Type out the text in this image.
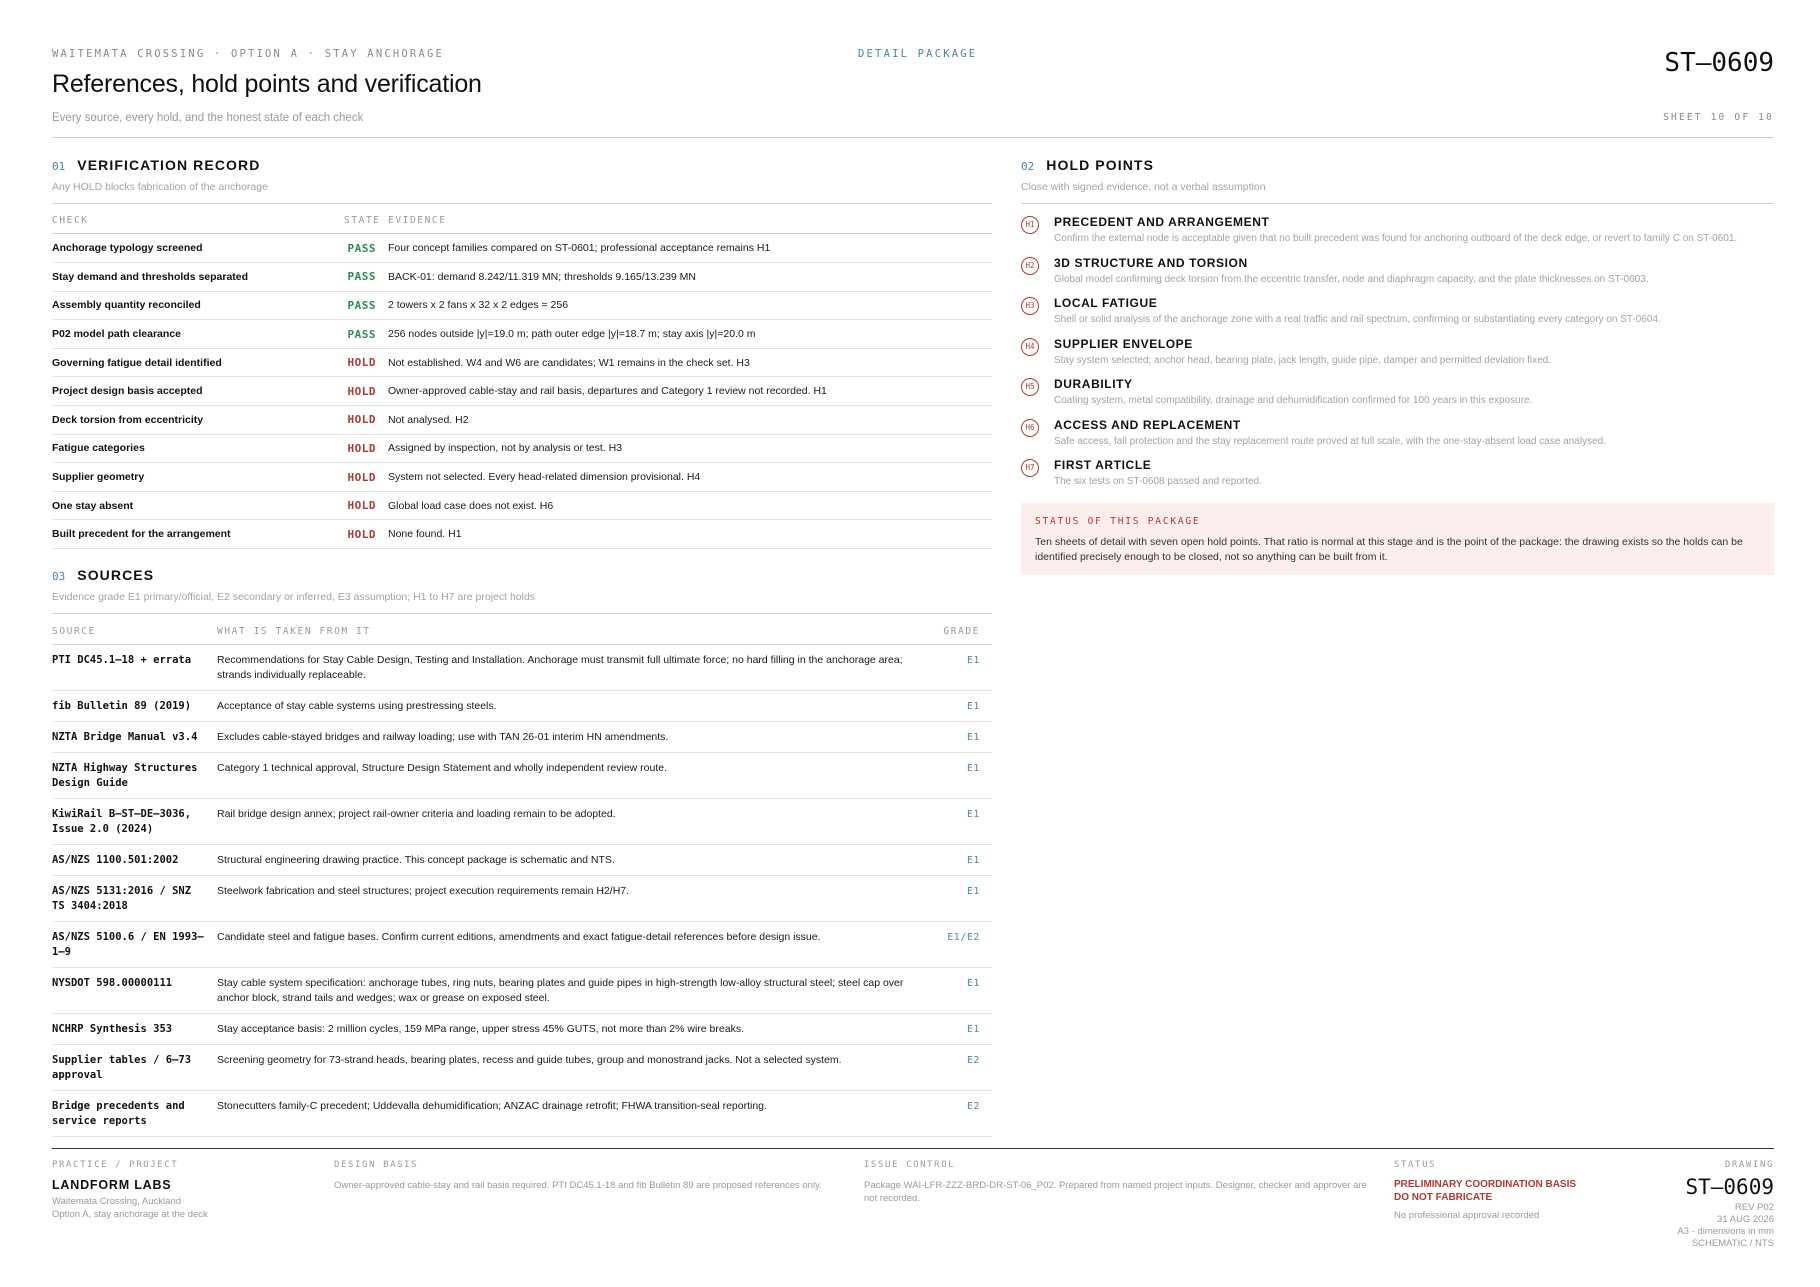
WAITEMATA CROSSING · OPTION A · STAY ANCHORAGE	DETAIL PACKAGE
References, hold points and verification
Every source, every hold, and the honest state of each check
ST–0609
SHEET 10 OF 10
01 VERIFICATION RECORD
Any HOLD blocks fabrication of the anchorage
CHECK	STATE EVIDENCE
Anchorage typology screened	PASS	Four concept families compared on ST-0601; professional acceptance remains H1
Stay demand and thresholds separated	PASS	BACK-01: demand 8.242/11.319 MN; thresholds 9.165/13.239 MN
Assembly quantity reconciled	PASS	2 towers x 2 fans x 32 x 2 edges = 256
P02 model path clearance	PASS	256 nodes outside |y|=19.0 m; path outer edge |y|=18.7 m; stay axis |y|=20.0 m
Governing fatigue detail identified	HOLD	Not established. W4 and W6 are candidates; W1 remains in the check set. H3
Project design basis accepted	HOLD	Owner-approved cable-stay and rail basis, departures and Category 1 review not recorded. H1
Deck torsion from eccentricity	HOLD	Not analysed. H2
Fatigue categories	HOLD	Assigned by inspection, not by analysis or test. H3
Supplier geometry	HOLD	System not selected. Every head-related dimension provisional. H4
One stay absent	HOLD	Global load case does not exist. H6
Built precedent for the arrangement	HOLD	None found. H1
03 SOURCES
Evidence grade E1 primary/official, E2 secondary or inferred, E3 assumption; H1 to H7 are project holds
SOURCE	WHAT IS TAKEN FROM IT	GRADE
PTI DC45.1–18 + errata	Recommendations for Stay Cable Design, Testing and Installation. Anchorage must transmit full ultimate force; no hard filling in the anchorage area; strands individually replaceable.	E1
fib Bulletin 89 (2019)	Acceptance of stay cable systems using prestressing steels.	E1
NZTA Bridge Manual v3.4	Excludes cable-stayed bridges and railway loading; use with TAN 26-01 interim HN amendments.	E1
NZTA Highway Structures Design Guide	Category 1 technical approval, Structure Design Statement and wholly independent review route.	E1
KiwiRail B–ST–DE–3036, Issue 2.0 (2024)	Rail bridge design annex; project rail-owner criteria and loading remain to be adopted.	E1
AS/NZS 1100.501:2002	Structural engineering drawing practice. This concept package is schematic and NTS.	E1
AS/NZS 5131:2016 / SNZ TS 3404:2018	Steelwork fabrication and steel structures; project execution requirements remain H2/H7.	E1
AS/NZS 5100.6 / EN 1993–1–9	Candidate steel and fatigue bases. Confirm current editions, amendments and exact fatigue-detail references before design issue.	E1/E2
NYSDOT 598.00000111	Stay cable system specification: anchorage tubes, ring nuts, bearing plates and guide pipes in high-strength low-alloy structural steel; steel cap over anchor block, strand tails and wedges; wax or grease on exposed steel.	E1
NCHRP Synthesis 353	Stay acceptance basis: 2 million cycles, 159 MPa range, upper stress 45% GUTS, not more than 2% wire breaks.	E1
Supplier tables / 6–73 approval	Screening geometry for 73-strand heads, bearing plates, recess and guide tubes, group and monostrand jacks. Not a selected system.	E2
Bridge precedents and service reports	Stonecutters family-C precedent; Uddevalla dehumidification; ANZAC drainage retrofit; FHWA transition-seal reporting.	E2
02 HOLD POINTS
Close with signed evidence, not a verbal assumption
H1	PRECEDENT AND ARRANGEMENT
Confirm the external node is acceptable given that no built precedent was found for anchoring outboard of the deck edge, or revert to family C on ST-0601.
H2	3D STRUCTURE AND TORSION
Global model confirming deck torsion from the eccentric transfer, node and diaphragm capacity, and the plate thicknesses on ST-0603.
H3	LOCAL FATIGUE
Shell or solid analysis of the anchorage zone with a real traffic and rail spectrum, confirming or substantiating every category on ST-0604.
H4	SUPPLIER ENVELOPE
Stay system selected; anchor head, bearing plate, jack length, guide pipe, damper and permitted deviation fixed.
H5	DURABILITY
Coating system, metal compatibility, drainage and dehumidification confirmed for 100 years in this exposure.
H6	ACCESS AND REPLACEMENT
Safe access, fall protection and the stay replacement route proved at full scale, with the one-stay-absent load case analysed.
H7	FIRST ARTICLE
The six tests on ST-0608 passed and reported.
STATUS OF THIS PACKAGE
Ten sheets of detail with seven open hold points. That ratio is normal at this stage and is the point of the package: the drawing exists so the holds can be identified precisely enough to be closed, not so anything can be built from it.
PRACTICE / PROJECT
LANDFORM LABS
Waitemata Crossing, Auckland
Option A, stay anchorage at the deck
DESIGN BASIS
Owner-approved cable-stay and rail basis required. PTI DC45.1-18 and fib Bulletin 89 are proposed references only.
ISSUE CONTROL
Package WAI-LFR-ZZZ-BRD-DR-ST-06_P02. Prepared from named project inputs. Designer, checker and approver are not recorded.
STATUS
PRELIMINARY COORDINATION BASIS
DO NOT FABRICATE
No professional approval recorded
DRAWING
ST–0609
REV P02
31 AUG 2026
A3 - dimensions in mm
SCHEMATIC / NTS
